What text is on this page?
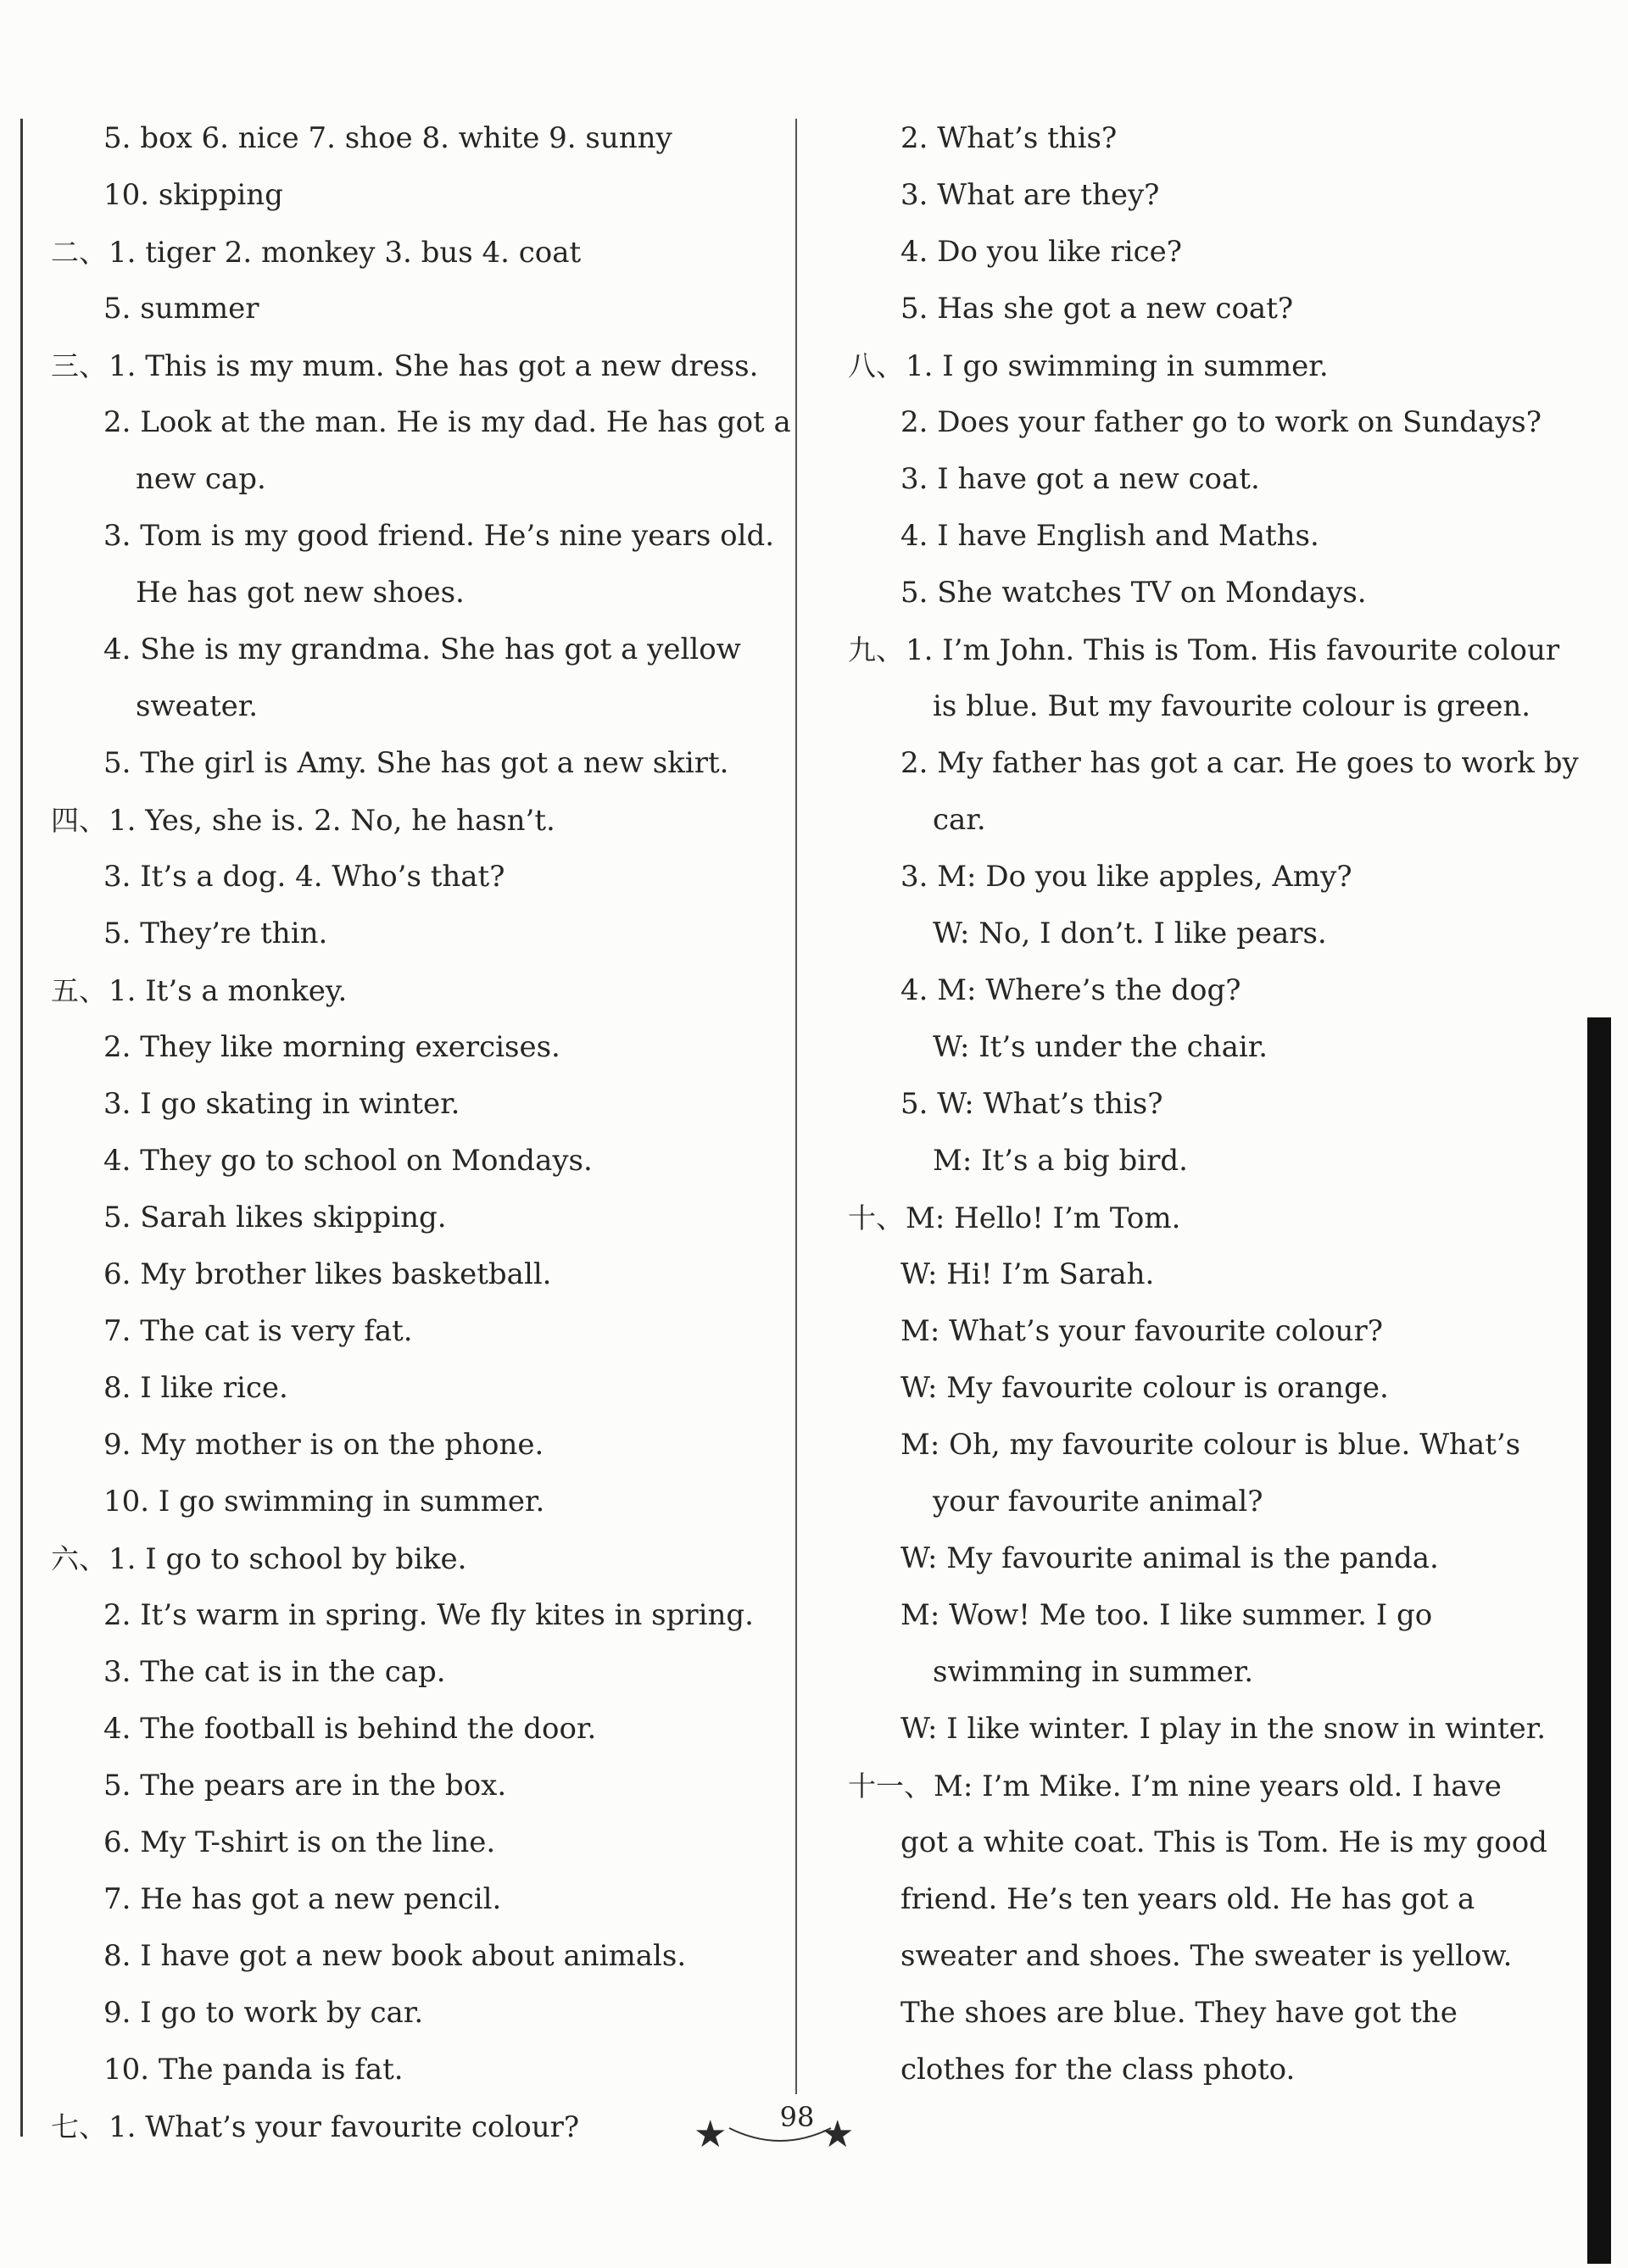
5. box 6. nice 7. shoe 8. white 9. sunny
10. skipping
二、1. tiger 2. monkey 3. bus 4. coat
5. summer
三、1. This is my mum. She has got a new dress.
2. Look at the man. He is my dad. He has got a
new cap.
3. Tom is my good friend. He’s nine years old.
He has got new shoes.
4. She is my grandma. She has got a yellow
sweater.
5. The girl is Amy. She has got a new skirt.
四、1. Yes, she is. 2. No, he hasn’t.
3. It’s a dog. 4. Who’s that?
5. They’re thin.
五、1. It’s a monkey.
2. They like morning exercises.
3. I go skating in winter.
4. They go to school on Mondays.
5. Sarah likes skipping.
6. My brother likes basketball.
7. The cat is very fat.
8. I like rice.
9. My mother is on the phone.
10. I go swimming in summer.
六、1. I go to school by bike.
2. It’s warm in spring. We fly kites in spring.
3. The cat is in the cap.
4. The football is behind the door.
5. The pears are in the box.
6. My T-shirt is on the line.
7. He has got a new pencil.
8. I have got a new book about animals.
9. I go to work by car.
10. The panda is fat.
七、1. What’s your favourite colour?
2. What’s this?
3. What are they?
4. Do you like rice?
5. Has she got a new coat?
八、1. I go swimming in summer.
2. Does your father go to work on Sundays?
3. I have got a new coat.
4. I have English and Maths.
5. She watches TV on Mondays.
九、1. I’m John. This is Tom. His favourite colour
is blue. But my favourite colour is green.
2. My father has got a car. He goes to work by
car.
3. M: Do you like apples, Amy?
W: No, I don’t. I like pears.
4. M: Where’s the dog?
W: It’s under the chair.
5. W: What’s this?
M: It’s a big bird.
十、M: Hello! I’m Tom.
W: Hi! I’m Sarah.
M: What’s your favourite colour?
W: My favourite colour is orange.
M: Oh, my favourite colour is blue. What’s
your favourite animal?
W: My favourite animal is the panda.
M: Wow! Me too. I like summer. I go
swimming in summer.
W: I like winter. I play in the snow in winter.
十一、M: I’m Mike. I’m nine years old. I have
got a white coat. This is Tom. He is my good
friend. He’s ten years old. He has got a
sweater and shoes. The sweater is yellow.
The shoes are blue. They have got the
clothes for the class photo.
★	98 ★
